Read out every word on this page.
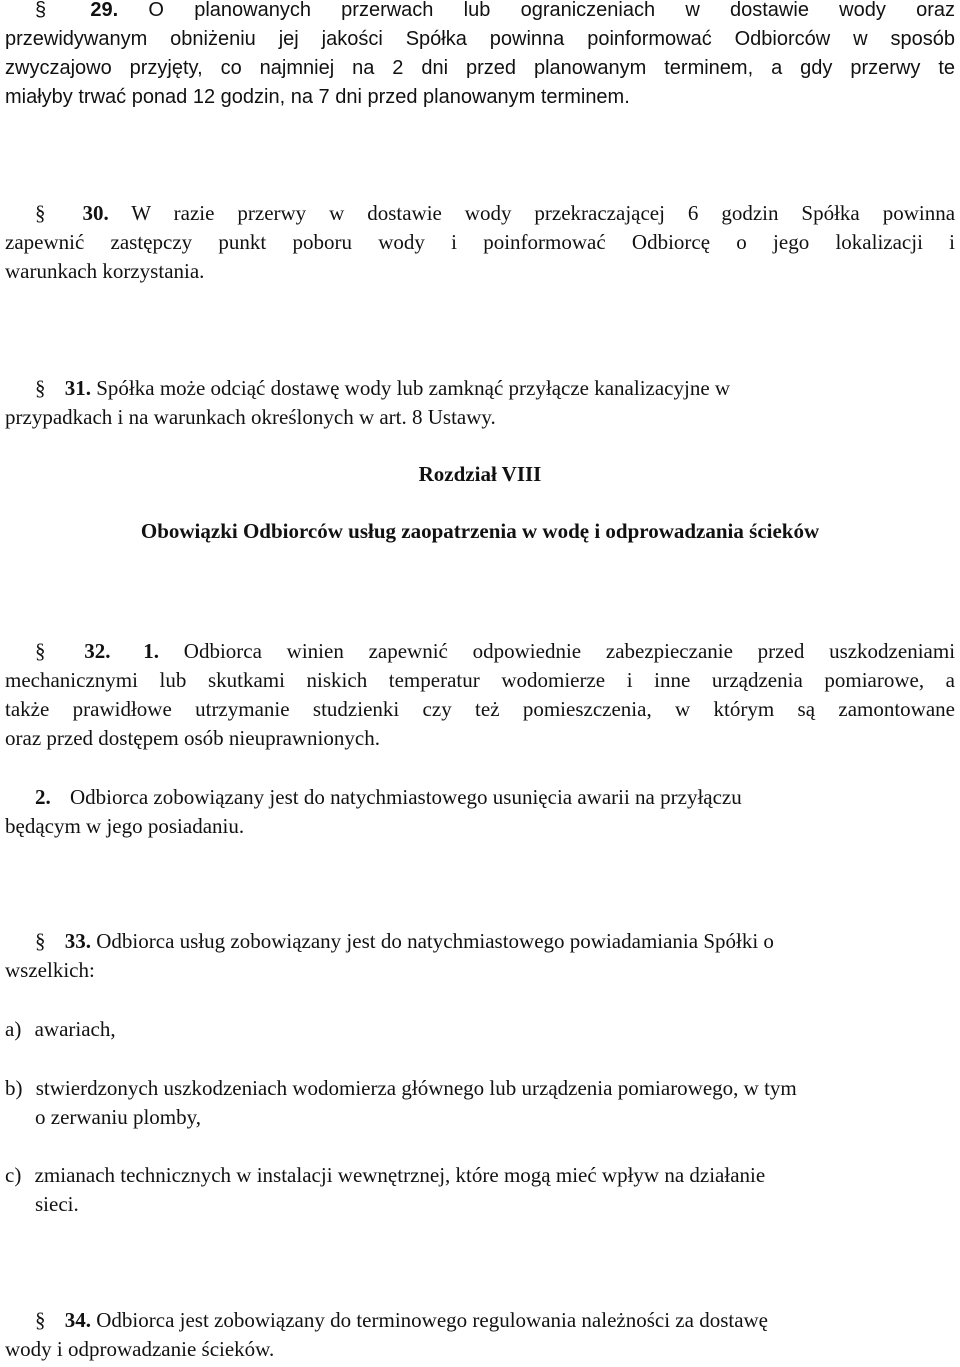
§ 29. O planowanych przerwach lub ograniczeniach w dostawie wody oraz
przewidywanym obniżeniu jej jakości Spółka powinna poinformować Odbiorców w sposób
zwyczajowo przyjęty, co najmniej na 2 dni przed planowanym terminem, a gdy przerwy te
miałyby trwać ponad 12 godzin, na 7 dni przed planowanym terminem.
§ 30. W razie przerwy w dostawie wody przekraczającej 6 godzin Spółka powinna
zapewnić zastępczy punkt poboru wody i poinformować Odbiorcę o jego lokalizacji i
warunkach korzystania.
§ 31. Spółka może odciąć dostawę wody lub zamknąć przyłącze kanalizacyjne w
przypadkach i na warunkach określonych w art. 8 Ustawy.
Rozdział VIII
Obowiązki Odbiorców usług zaopatrzenia w wodę i odprowadzania ścieków
§ 32. 1. Odbiorca winien zapewnić odpowiednie zabezpieczanie przed uszkodzeniami
mechanicznymi lub skutkami niskich temperatur wodomierze i inne urządzenia pomiarowe, a
także prawidłowe utrzymanie studzienki czy też pomieszczenia, w którym są zamontowane
oraz przed dostępem osób nieuprawnionych.
2. Odbiorca zobowiązany jest do natychmiastowego usunięcia awarii na przyłączu
będącym w jego posiadaniu.
§ 33. Odbiorca usług zobowiązany jest do natychmiastowego powiadamiania Spółki o
wszelkich:
a) awariach,
b) stwierdzonych uszkodzeniach wodomierza głównego lub urządzenia pomiarowego, w tym
o zerwaniu plomby,
c) zmianach technicznych w instalacji wewnętrznej, które mogą mieć wpływ na działanie
sieci.
§ 34. Odbiorca jest zobowiązany do terminowego regulowania należności za dostawę
wody i odprowadzanie ścieków.
